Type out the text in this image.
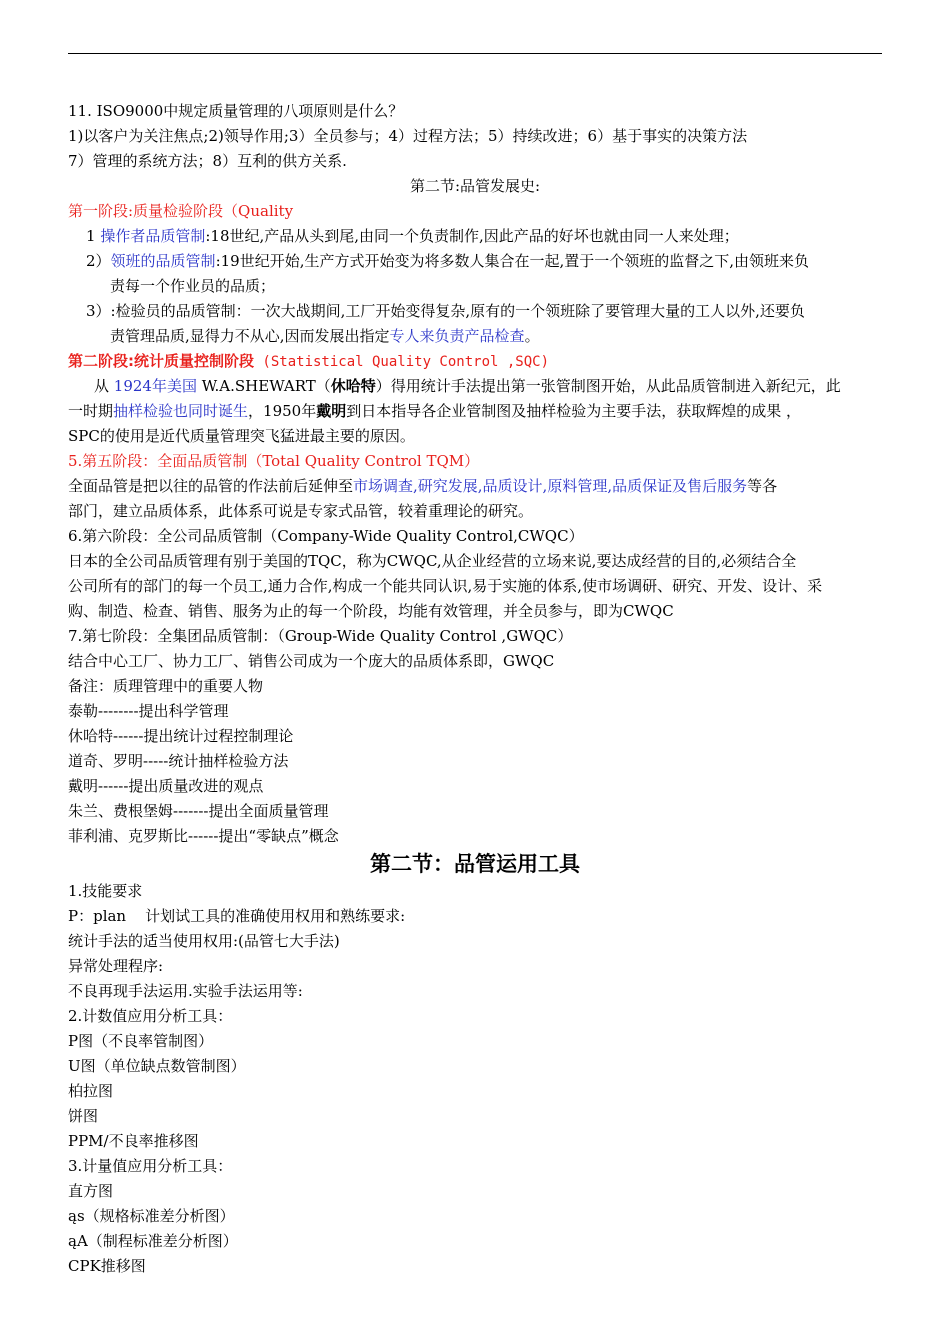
11. ISO9000中规定质量管理的八项原则是什么？
1)以客户为关注焦点;2)领导作用;3）全员参与；4）过程方法；5）持续改进；6）基于事实的决策方法
7）管理的系统方法；8）互利的供方关系.
第二节:品管发展史:
第一阶段:质量检验阶段（Quality
1 操作者品质管制:18世纪,产品从头到尾,由同一个负责制作,因此产品的好坏也就由同一人来处理；
2）领班的品质管制:19世纪开始,生产方式开始变为将多数人集合在一起,置于一个领班的监督之下,由领班来负
责每一个作业员的品质；
3）:检验员的品质管制：一次大战期间,工厂开始变得复杂,原有的一个领班除了要管理大量的工人以外,还要负
责管理品质,显得力不从心,因而发展出指定专人来负责产品检查。
第二阶段:统计质量控制阶段 (Statistical Quality Control ,SQC)
从 1924年美国 W.A.SHEWART（休哈特）得用统计手法提出第一张管制图开始，从此品质管制进入新纪元，此
一时期抽样检验也同时诞生，1950年戴明到日本指导各企业管制图及抽样检验为主要手法，获取辉煌的成果 ，
SPC的使用是近代质量管理突飞猛进最主要的原因。
5.第五阶段：全面品质管制（Total Quality Control TQM）
全面品管是把以往的品管的作法前后延伸至市场调查,研究发展,品质设计,原料管理,品质保证及售后服务等各
部门，建立品质体系，此体系可说是专家式品管，较着重理论的研究。
6.第六阶段：全公司品质管制（Company-Wide Quality Control,CWQC）
日本的全公司品质管理有别于美国的TQC，称为CWQC,从企业经营的立场来说,要达成经营的目的,必须结合全
公司所有的部门的每一个员工,通力合作,构成一个能共同认识,易于实施的体系,使市场调研、研究、开发、设计、采
购、制造、检查、销售、服务为止的每一个阶段，均能有效管理，并全员参与，即为CWQC
7.第七阶段：全集团品质管制：（Group-Wide Quality Control ,GWQC）
结合中心工厂、协力工厂、销售公司成为一个庞大的品质体系即，GWQC
备注：质理管理中的重要人物
泰勒--------提出科学管理
休哈特------提出统计过程控制理论
道奇、罗明-----统计抽样检验方法
戴明------提出质量改进的观点
朱兰、费根堡姆-------提出全面质量管理
菲利浦、克罗斯比------提出“零缺点”概念
第二节：品管运用工具
1.技能要求
P：plan    计划试工具的准确使用权用和熟练要求:
统计手法的适当使用权用:(品管七大手法)
异常处理程序:
不良再现手法运用.实验手法运用等:
2.计数值应用分析工具：
P图（不良率管制图）
U图（单位缺点数管制图）
柏拉图
饼图
PPM/不良率推移图
3.计量值应用分析工具：
直方图
ąs（规格标准差分析图）
ąA（制程标准差分析图）
CPK推移图
